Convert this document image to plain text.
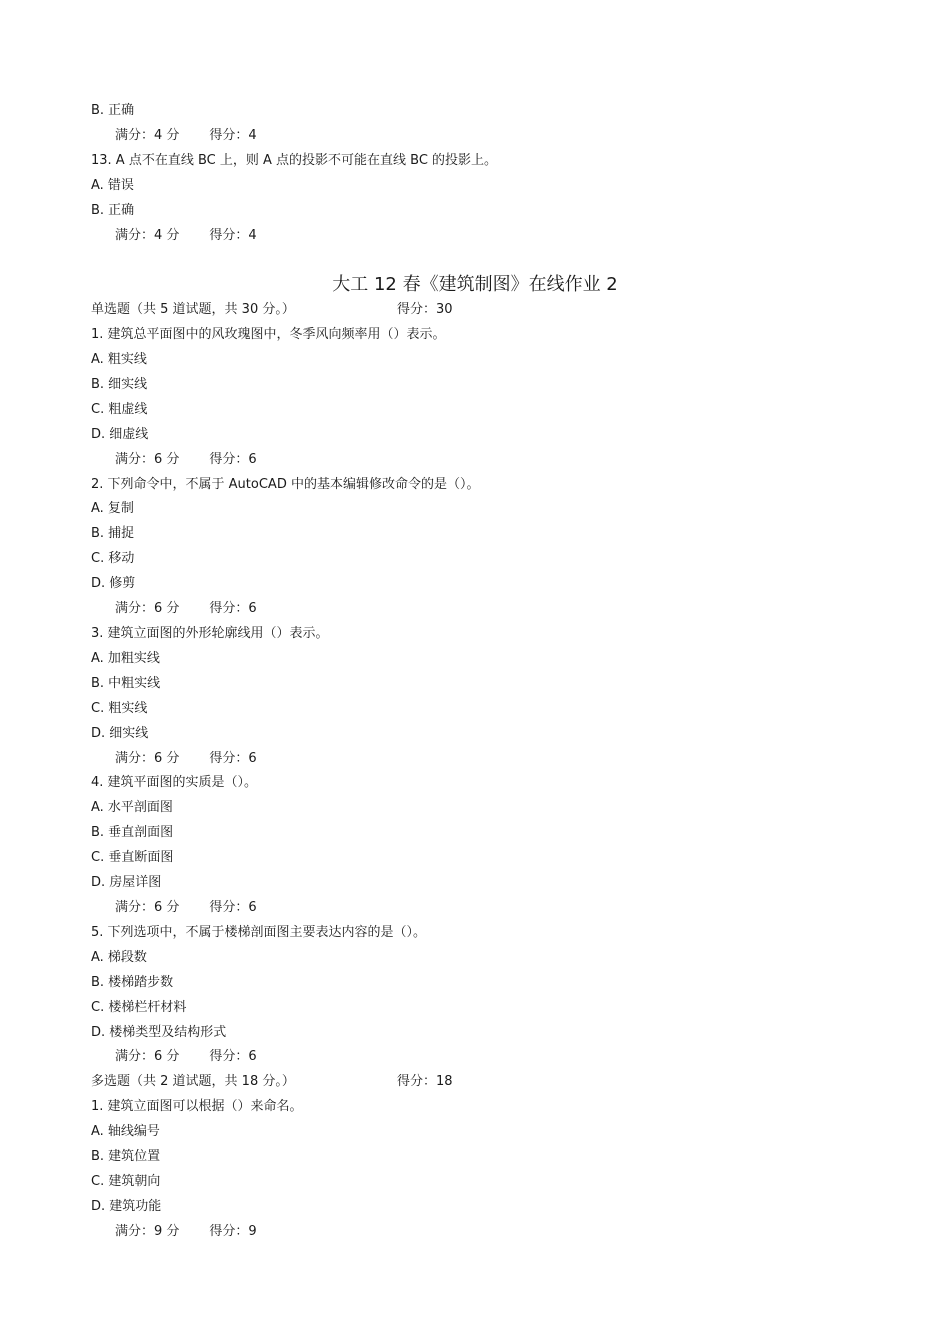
B. 正确
满分：4 分 得分：4
13. A 点不在直线 BC 上，则 A 点的投影不可能在直线 BC 的投影上。
A. 错误
B. 正确
满分：4 分 得分：4
大工 12 春《建筑制图》在线作业 2
单选题（共 5 道试题，共 30 分。）	得分：30
1. 建筑总平面图中的风玫瑰图中，冬季风向频率用（）表示。
A. 粗实线
B. 细实线
C. 粗虚线
D. 细虚线
满分：6 分 得分：6
2. 下列命令中，不属于 AutoCAD 中的基本编辑修改命令的是（）。
A. 复制
B. 捕捉
C. 移动
D. 修剪
满分：6 分 得分：6
3. 建筑立面图的外形轮廓线用（）表示。
A. 加粗实线
B. 中粗实线
C. 粗实线
D. 细实线
满分：6 分 得分：6
4. 建筑平面图的实质是（）。
A. 水平剖面图
B. 垂直剖面图
C. 垂直断面图
D. 房屋详图
满分：6 分 得分：6
5. 下列选项中，不属于楼梯剖面图主要表达内容的是（）。
A. 梯段数
B. 楼梯踏步数
C. 楼梯栏杆材料
D. 楼梯类型及结构形式
满分：6 分 得分：6
多选题（共 2 道试题，共 18 分。）	得分：18
1. 建筑立面图可以根据（）来命名。
A. 轴线编号
B. 建筑位置
C. 建筑朝向
D. 建筑功能
满分：9 分 得分：9
